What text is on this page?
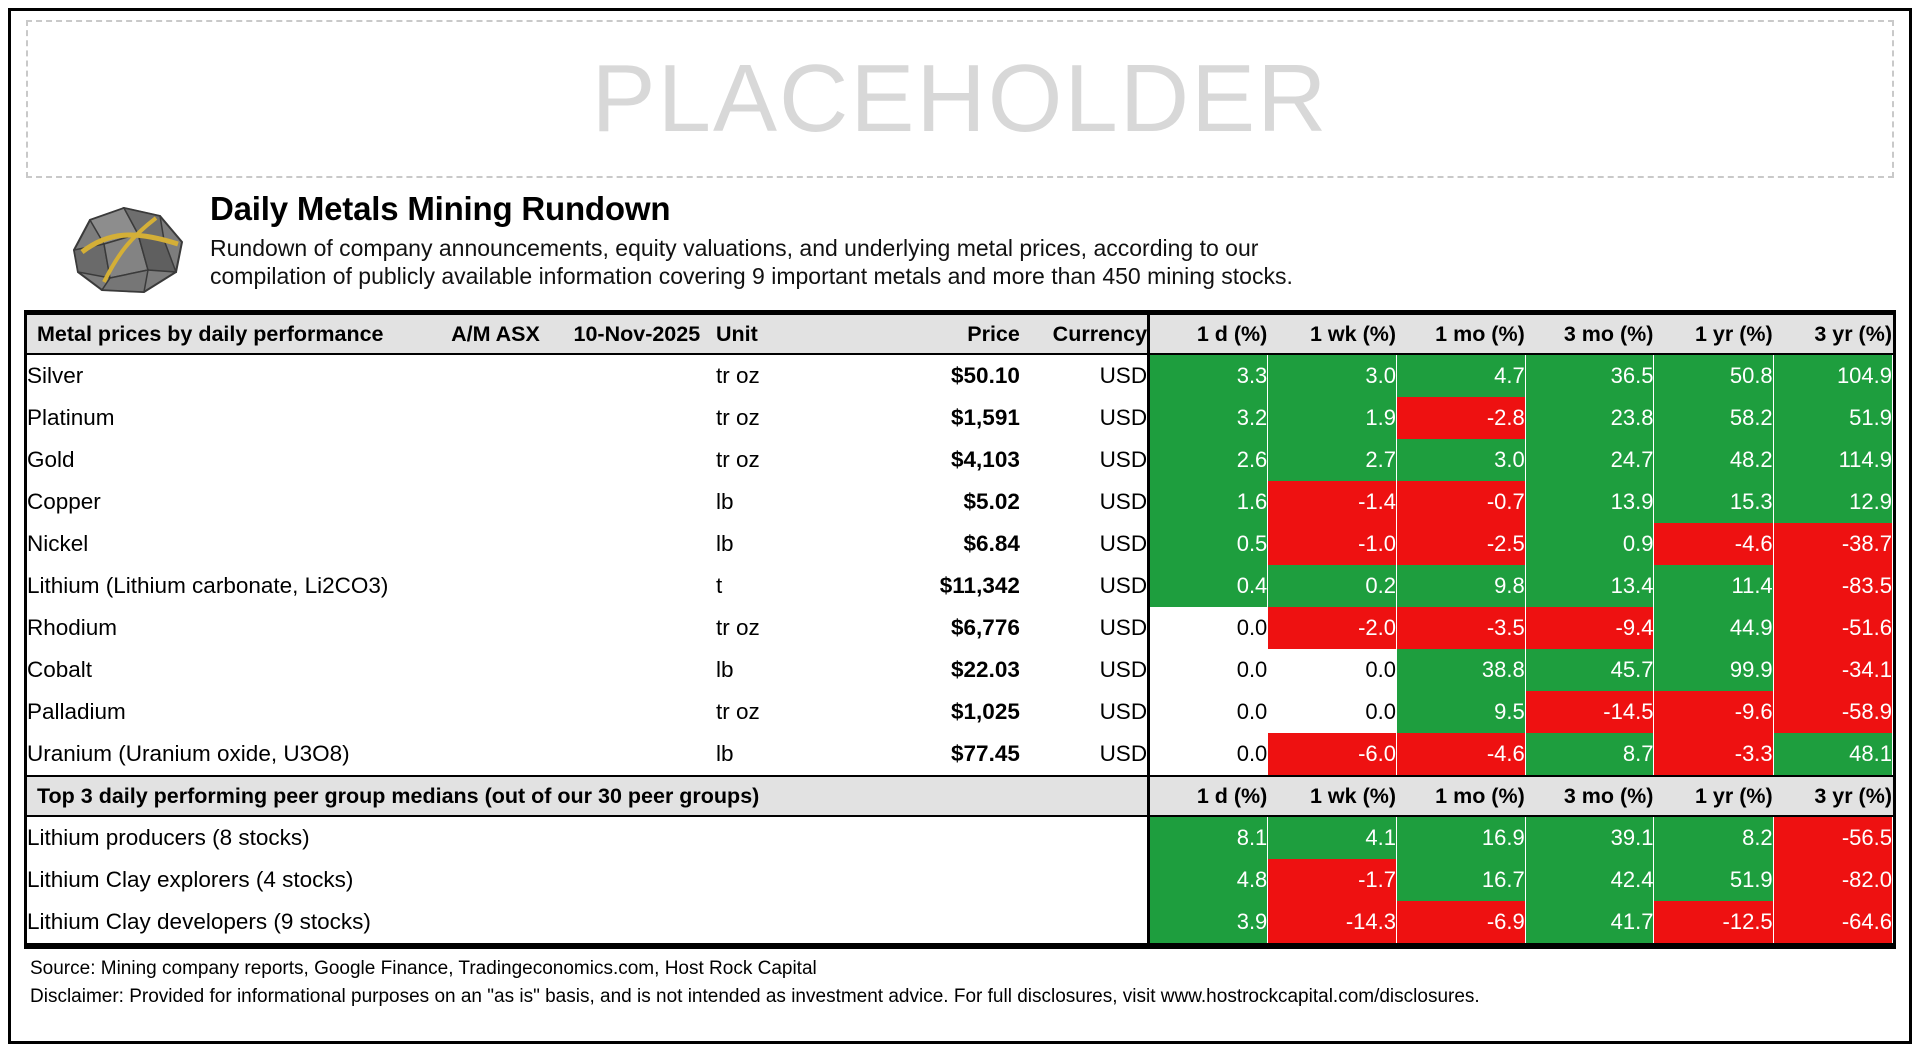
PLACEHOLDER
Daily Metals Mining Rundown
Rundown of company announcements, equity valuations, and underlying metal prices, according to our
compilation of publicly available information covering 9 important metals and more than 450 mining stocks.
Metal prices by daily performance	A/M ASX	10-Nov-2025	Unit	Price	Currency	1 d (%)	1 wk (%)	1 mo (%)	3 mo (%)	1 yr (%)	3 yr (%)
Silver			tr oz	$50.10	USD	3.3	3.0	4.7	36.5	50.8	104.9
Platinum			tr oz	$1,591	USD	3.2	1.9	-2.8	23.8	58.2	51.9
Gold			tr oz	$4,103	USD	2.6	2.7	3.0	24.7	48.2	114.9
Copper			lb	$5.02	USD	1.6	-1.4	-0.7	13.9	15.3	12.9
Nickel			lb	$6.84	USD	0.5	-1.0	-2.5	0.9	-4.6	-38.7
Lithium (Lithium carbonate, Li2CO3)			t	$11,342	USD	0.4	0.2	9.8	13.4	11.4	-83.5
Rhodium			tr oz	$6,776	USD	0.0	-2.0	-3.5	-9.4	44.9	-51.6
Cobalt			lb	$22.03	USD	0.0	0.0	38.8	45.7	99.9	-34.1
Palladium			tr oz	$1,025	USD	0.0	0.0	9.5	-14.5	-9.6	-58.9
Uranium (Uranium oxide, U3O8)			lb	$77.45	USD	0.0	-6.0	-4.6	8.7	-3.3	48.1
Top 3 daily performing peer group medians (out of our 30 peer groups)						1 d (%)	1 wk (%)	1 mo (%)	3 mo (%)	1 yr (%)	3 yr (%)
Lithium producers (8 stocks)						8.1	4.1	16.9	39.1	8.2	-56.5
Lithium Clay explorers (4 stocks)						4.8	-1.7	16.7	42.4	51.9	-82.0
Lithium Clay developers (9 stocks)						3.9	-14.3	-6.9	41.7	-12.5	-64.6
Source: Mining company reports, Google Finance, Tradingeconomics.com, Host Rock Capital
Disclaimer: Provided for informational purposes on an "as is" basis, and is not intended as investment advice. For full disclosures, visit www.hostrockcapital.com/disclosures.
